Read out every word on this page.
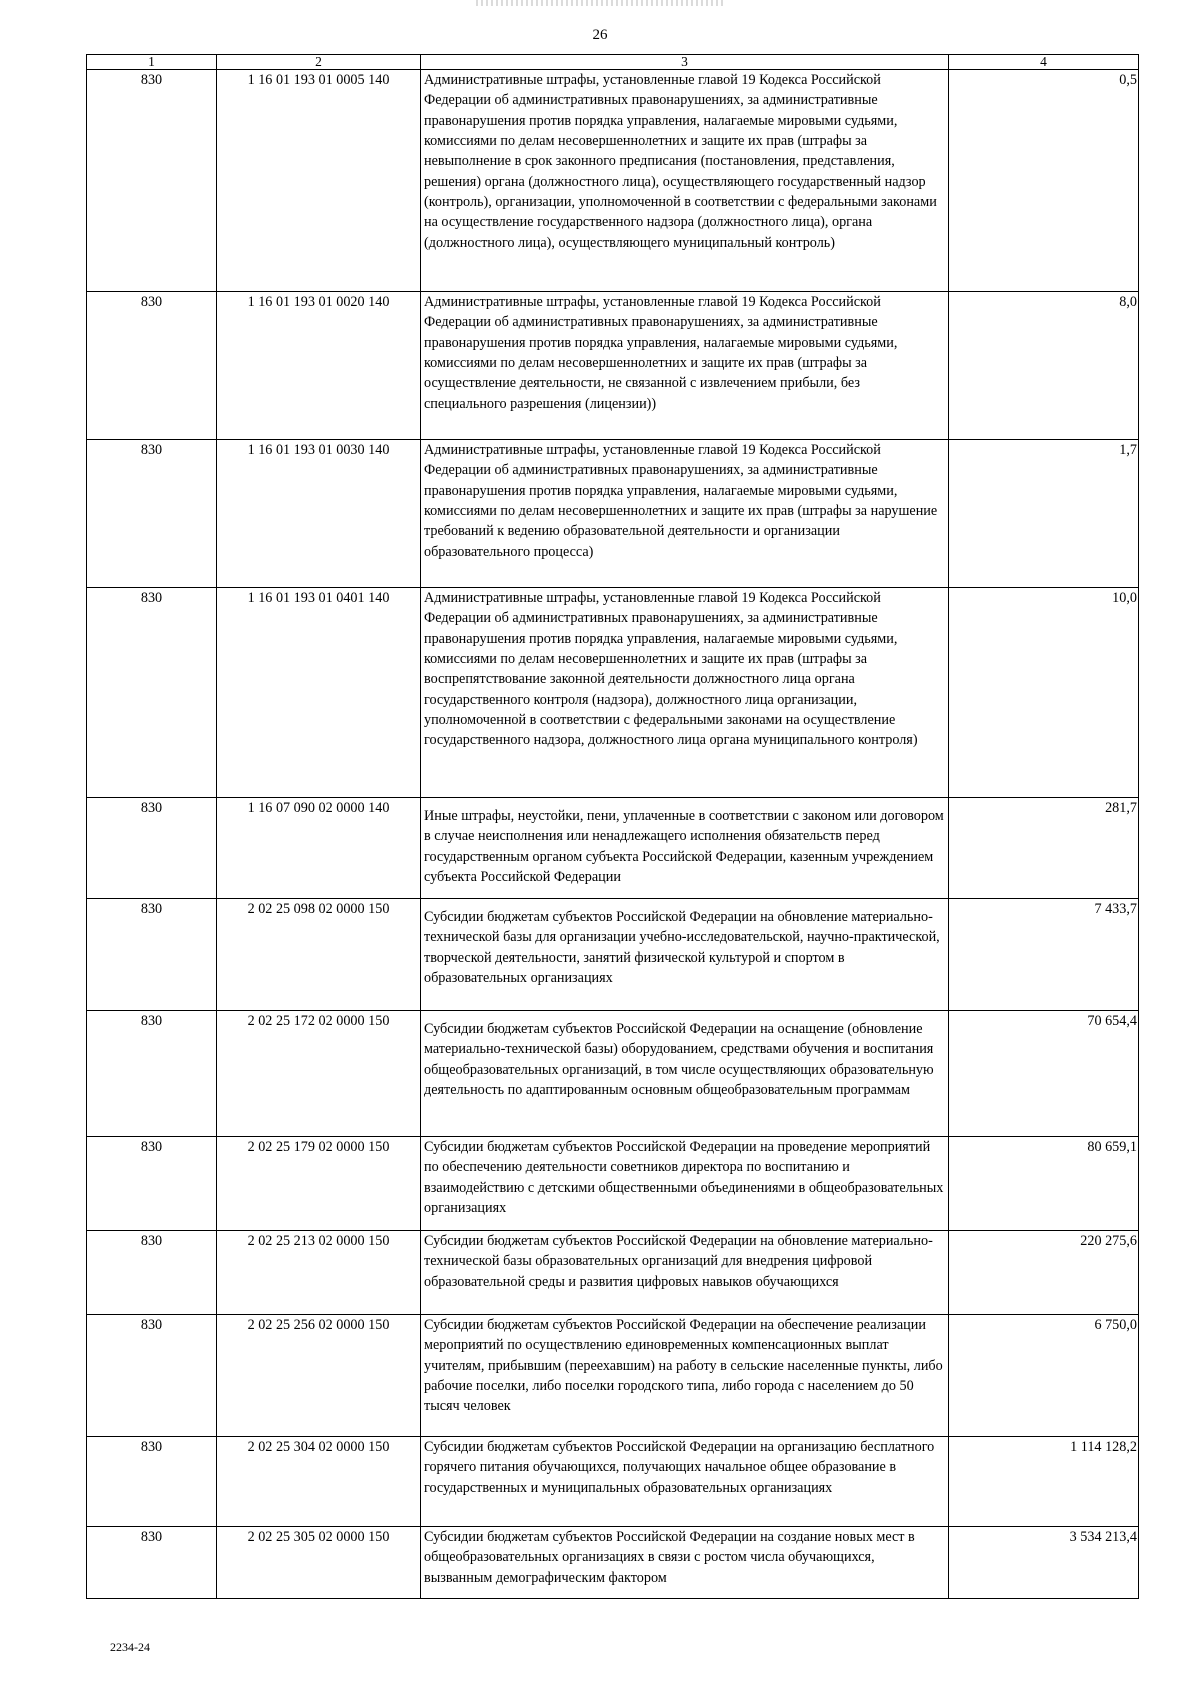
26
1	2	3	4
830	1 16 01 193 01 0005 140	Административные штрафы, установленные главой 19 Кодекса Российской Федерации об административных правонарушениях, за административные правонарушения против порядка управления, налагаемые мировыми судьями, комиссиями по делам несовершеннолетних и защите их прав (штрафы за невыполнение в срок законного предписания (постановления, представления, решения) органа (должностного лица), осуществляющего государственный надзор (контроль), организации, уполномоченной в соответствии с федеральными законами на осуществление государственного надзора (должностного лица), органа (должностного лица), осуществляющего муниципальный контроль)	0,5
830	1 16 01 193 01 0020 140	Административные штрафы, установленные главой 19 Кодекса Российской Федерации об административных правонарушениях, за административные правонарушения против порядка управления, налагаемые мировыми судьями, комиссиями по делам несовершеннолетних и защите их прав (штрафы за осуществление деятельности, не связанной с извлечением прибыли, без специального разрешения (лицензии))	8,0
830	1 16 01 193 01 0030 140	Административные штрафы, установленные главой 19 Кодекса Российской Федерации об административных правонарушениях, за административные правонарушения против порядка управления, налагаемые мировыми судьями, комиссиями по делам несовершеннолетних и защите их прав (штрафы за нарушение требований к ведению образовательной деятельности и организации образовательного процесса)	1,7
830	1 16 01 193 01 0401 140	Административные штрафы, установленные главой 19 Кодекса Российской Федерации об административных правонарушениях, за административные правонарушения против порядка управления, налагаемые мировыми судьями, комиссиями по делам несовершеннолетних и защите их прав (штрафы за воспрепятствование законной деятельности должностного лица органа государственного контроля (надзора), должностного лица организации, уполномоченной в соответствии с федеральными законами на осуществление государственного надзора, должностного лица органа муниципального контроля)	10,0
830	1 16 07 090 02 0000 140	Иные штрафы, неустойки, пени, уплаченные в соответствии с законом или договором в случае неисполнения или ненадлежащего исполнения обязательств перед государственным органом субъекта Российской Федерации, казенным учреждением субъекта Российской Федерации	281,7
830	2 02 25 098 02 0000 150	Субсидии бюджетам субъектов Российской Федерации на обновление материально-технической базы для организации учебно-исследовательской, научно-практической, творческой деятельности, занятий физической культурой и спортом в образовательных организациях	7 433,7
830	2 02 25 172 02 0000 150	Субсидии бюджетам субъектов Российской Федерации на оснащение (обновление материально-технической базы) оборудованием, средствами обучения и воспитания общеобразовательных организаций, в том числе осуществляющих образовательную деятельность по адаптированным основным общеобразовательным программам	70 654,4
830	2 02 25 179 02 0000 150	Субсидии бюджетам субъектов Российской Федерации на проведение мероприятий по обеспечению деятельности советников директора по воспитанию и взаимодействию с детскими общественными объединениями в общеобразовательных организациях	80 659,1
830	2 02 25 213 02 0000 150	Субсидии бюджетам субъектов Российской Федерации на обновление материально-технической базы образовательных организаций для внедрения цифровой образовательной среды и развития цифровых навыков обучающихся	220 275,6
830	2 02 25 256 02 0000 150	Субсидии бюджетам субъектов Российской Федерации на обеспечение реализации мероприятий по осуществлению единовременных компенсационных выплат учителям, прибывшим (переехавшим) на работу в сельские населенные пункты, либо рабочие поселки, либо поселки городского типа, либо города с населением до 50 тысяч человек	6 750,0
830	2 02 25 304 02 0000 150	Субсидии бюджетам субъектов Российской Федерации на организацию бесплатного горячего питания обучающихся, получающих начальное общее образование в государственных и муниципальных образовательных организациях	1 114 128,2
830	2 02 25 305 02 0000 150	Субсидии бюджетам субъектов Российской Федерации на создание новых мест в общеобразовательных организациях в связи с ростом числа обучающихся, вызванным демографическим фактором	3 534 213,4
2234-24
